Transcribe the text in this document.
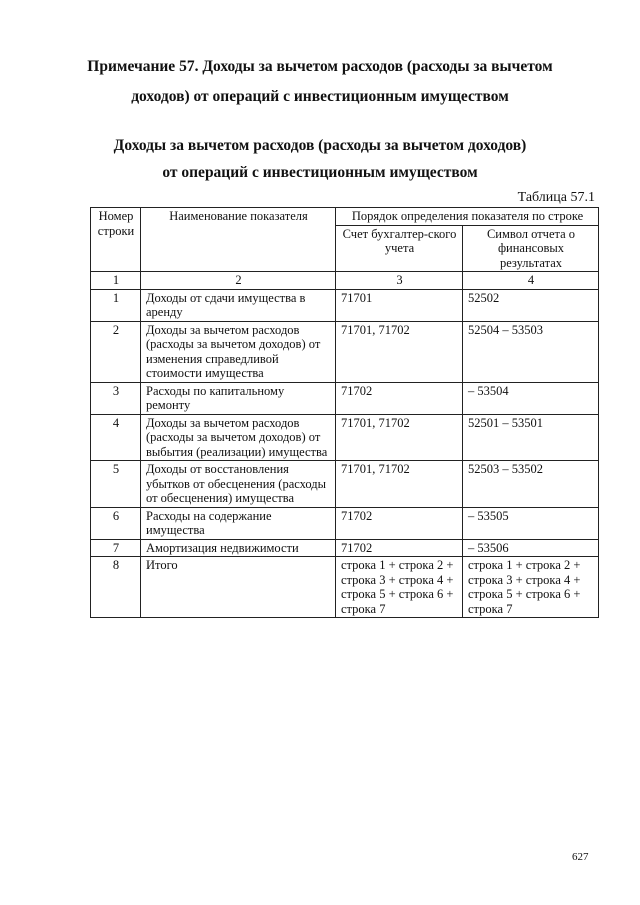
Примечание 57. Доходы за вычетом расходов (расходы за вычетом

доходов) от операций с инвестиционным имуществом

Доходы за вычетом расходов (расходы за вычетом доходов)

от операций с инвестиционным имуществом

Таблица 57.1
Номер строки	Наименование показателя	Порядок определения показателя по строке	
		Счет бухгалтер-ского учета	Символ отчета о финансовых результатах
1	2	3	4
1	Доходы от сдачи имущества в аренду	71701	52502
2	Доходы за вычетом расходов (расходы за вычетом доходов) от изменения справедливой стоимости имущества	71701, 71702	52504 – 53503
3	Расходы по капитальному ремонту	71702	– 53504
4	Доходы за вычетом расходов (расходы за вычетом доходов) от выбытия (реализации) имущества	71701, 71702	52501 – 53501
5	Доходы от восстановления убытков от обесценения (расходы от обесценения) имущества	71701, 71702	52503 – 53502
6	Расходы на содержание имущества	71702	– 53505
7	Амортизация недвижимости	71702	– 53506
8	Итого	строка 1 + строка 2 + строка 3 + строка 4 + строка 5 + строка 6 + строка 7	строка 1 + строка 2 + строка 3 + строка 4 + строка 5 + строка 6 + строка 7
627
